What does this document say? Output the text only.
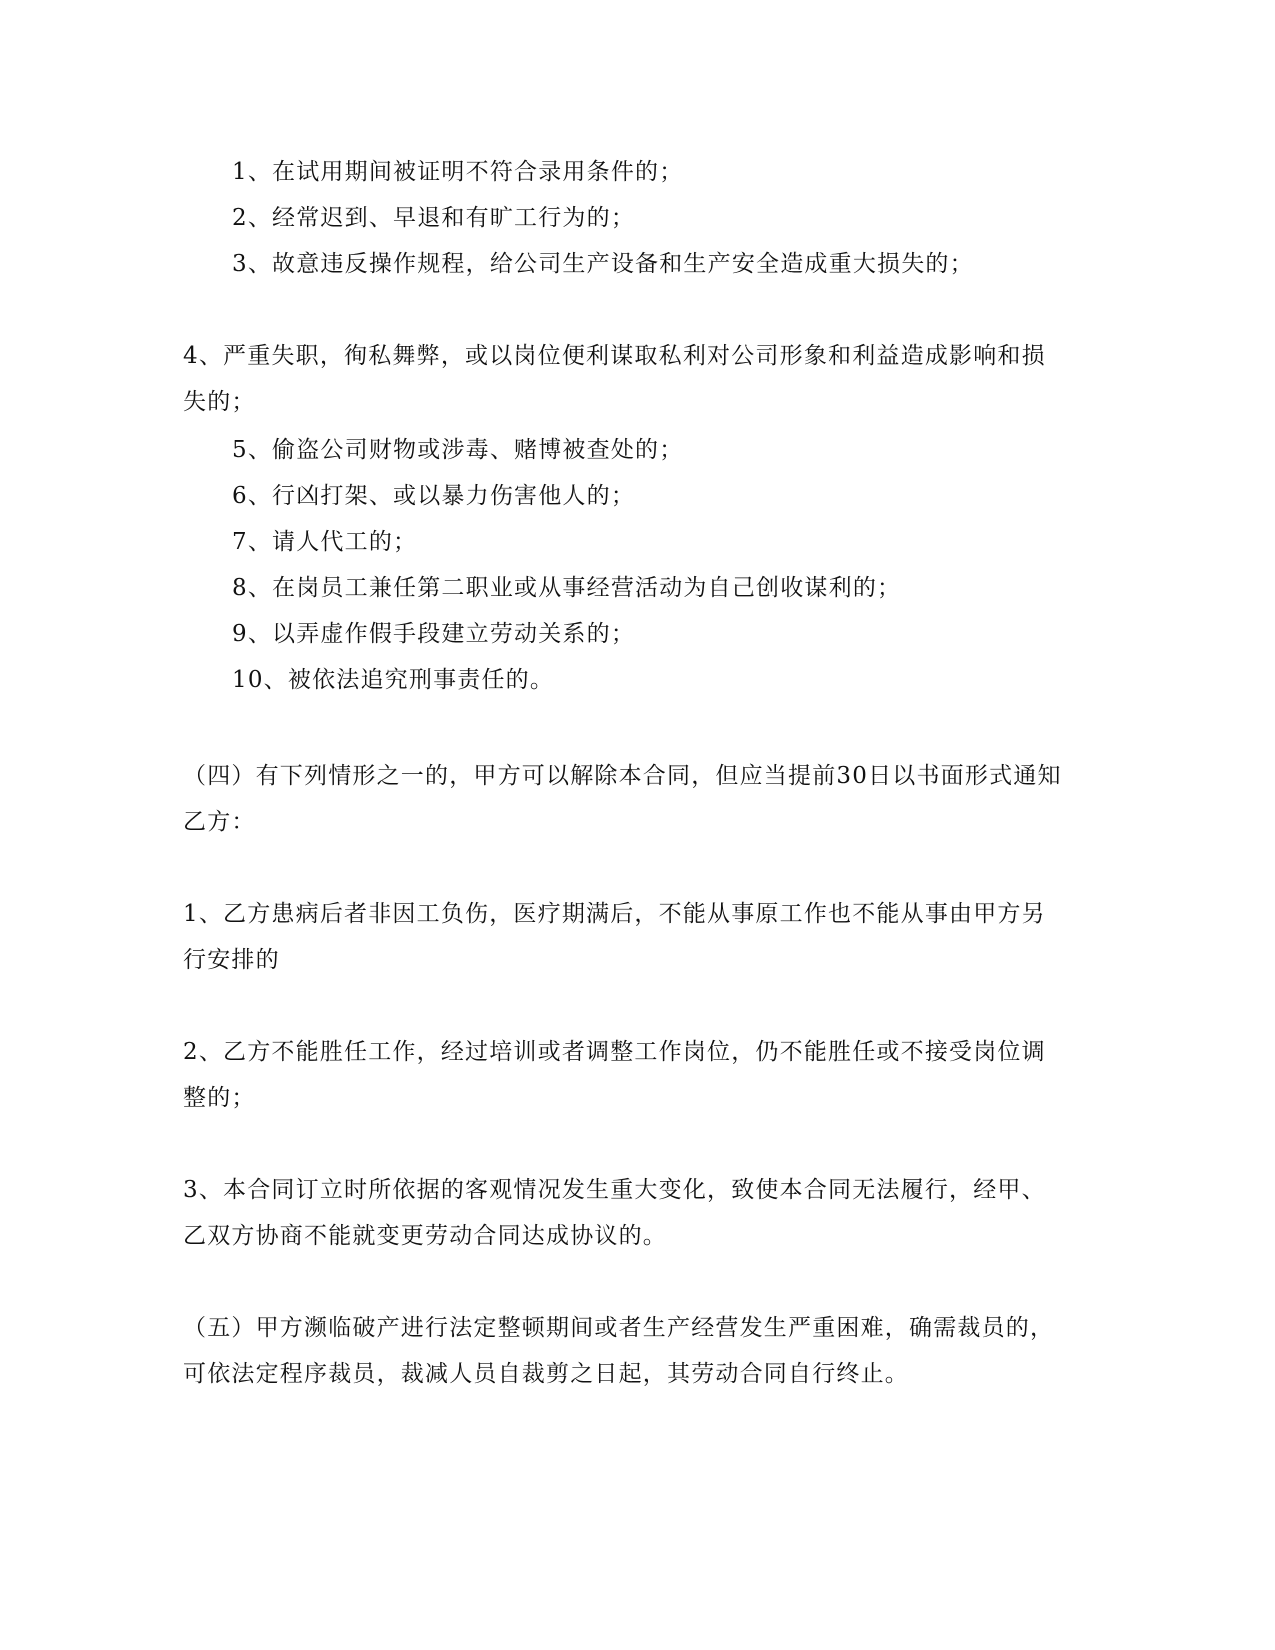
1、在试用期间被证明不符合录用条件的；
2、经常迟到、早退和有旷工行为的；
3、故意违反操作规程，给公司生产设备和生产安全造成重大损失的；
4、严重失职，徇私舞弊，或以岗位便利谋取私利对公司形象和利益造成影响和损
失的；
5、偷盗公司财物或涉毒、赌博被查处的；
6、行凶打架、或以暴力伤害他人的；
7、请人代工的；
8、在岗员工兼任第二职业或从事经营活动为自己创收谋利的；
9、以弄虚作假手段建立劳动关系的；
10、被依法追究刑事责任的。
（四）有下列情形之一的，甲方可以解除本合同，但应当提前30日以书面形式通知
乙方：
1、乙方患病后者非因工负伤，医疗期满后，不能从事原工作也不能从事由甲方另
行安排的
2、乙方不能胜任工作，经过培训或者调整工作岗位，仍不能胜任或不接受岗位调
整的；
3、本合同订立时所依据的客观情况发生重大变化，致使本合同无法履行，经甲、
乙双方协商不能就变更劳动合同达成协议的。
（五）甲方濒临破产进行法定整顿期间或者生产经营发生严重困难，确需裁员的，
可依法定程序裁员，裁减人员自裁剪之日起，其劳动合同自行终止。
